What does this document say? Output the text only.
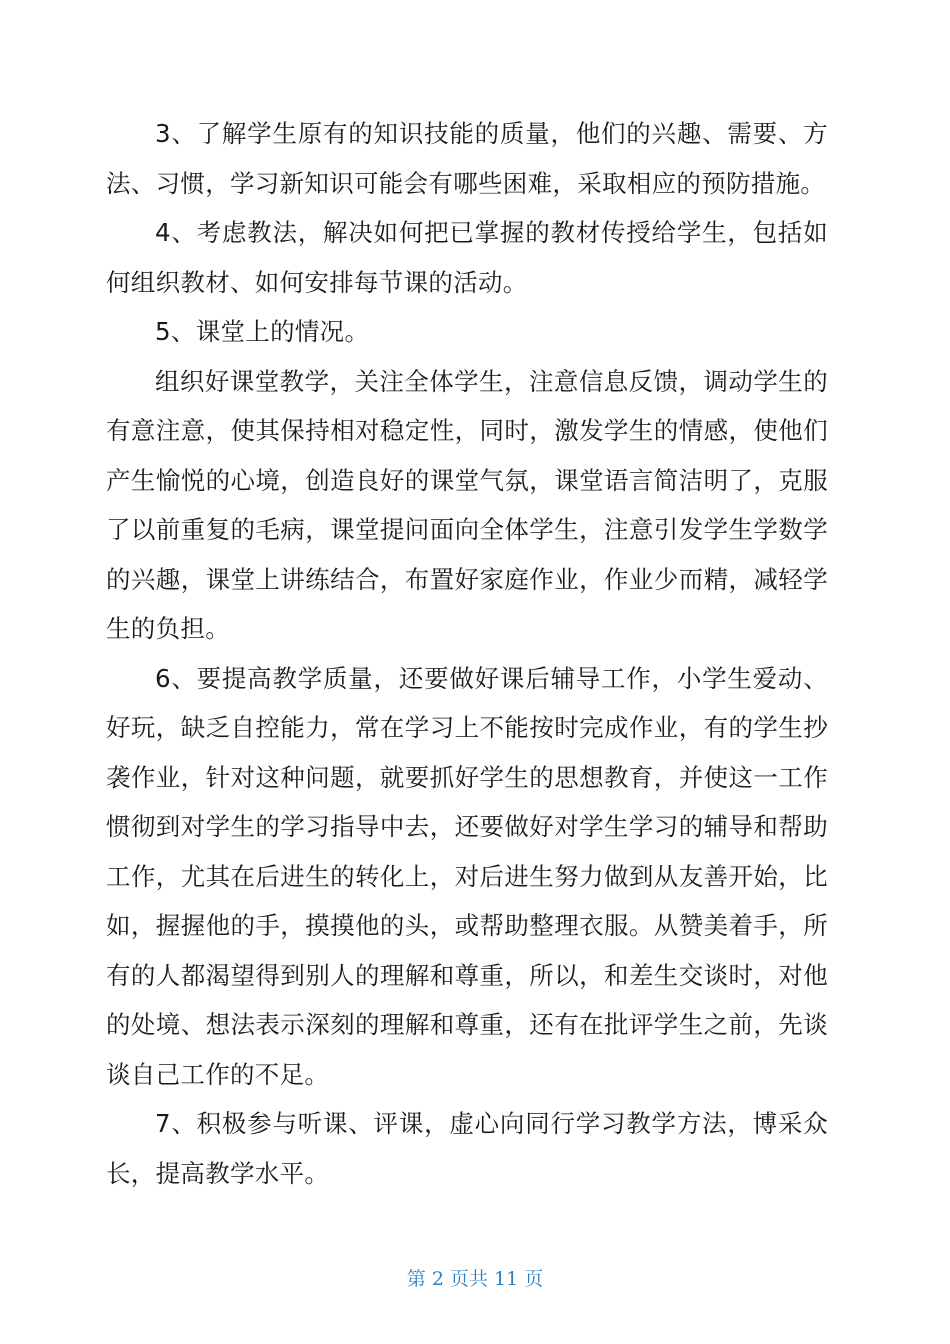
3、了解学生原有的知识技能的质量，他们的兴趣、需要、方法、习惯，学习新知识可能会有哪些困难，采取相应的预防措施。

4、考虑教法，解决如何把已掌握的教材传授给学生，包括如何组织教材、如何安排每节课的活动。

5、课堂上的情况。

组织好课堂教学，关注全体学生，注意信息反馈，调动学生的有意注意，使其保持相对稳定性，同时，激发学生的情感，使他们产生愉悦的心境，创造良好的课堂气氛，课堂语言简洁明了，克服了以前重复的毛病，课堂提问面向全体学生，注意引发学生学数学的兴趣，课堂上讲练结合，布置好家庭作业，作业少而精，减轻学生的负担。

6、要提高教学质量，还要做好课后辅导工作，小学生爱动、好玩，缺乏自控能力，常在学习上不能按时完成作业，有的学生抄袭作业，针对这种问题，就要抓好学生的思想教育，并使这一工作惯彻到对学生的学习指导中去，还要做好对学生学习的辅导和帮助工作，尤其在后进生的转化上，对后进生努力做到从友善开始，比如，握握他的手，摸摸他的头，或帮助整理衣服。从赞美着手，所有的人都渴望得到别人的理解和尊重，所以，和差生交谈时，对他的处境、想法表示深刻的理解和尊重，还有在批评学生之前，先谈谈自己工作的不足。

7、积极参与听课、评课，虚心向同行学习教学方法，博采众长，提高教学水平。

第 2 页共 11 页
